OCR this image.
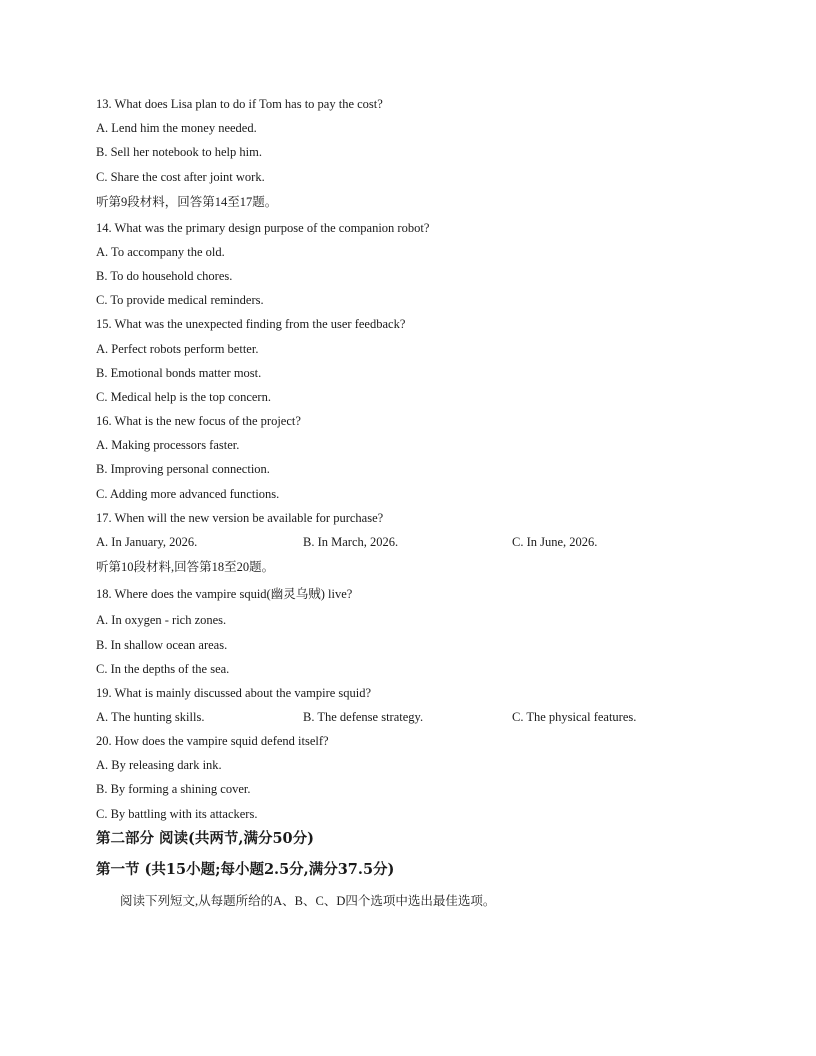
13. What does Lisa plan to do if Tom has to pay the cost?
A. Lend him the money needed.
B. Sell her notebook to help him.
C. Share the cost after joint work.
听第9段材料，回答第14至17题。
14. What was the primary design purpose of the companion robot?
A. To accompany the old.
B. To do household chores.
C. To provide medical reminders.
15. What was the unexpected finding from the user feedback?
A. Perfect robots perform better.
B. Emotional bonds matter most.
C. Medical help is the top concern.
16. What is the new focus of the project?
A. Making processors faster.
B. Improving personal connection.
C. Adding more advanced functions.
17. When will the new version be available for purchase?
A. In January, 2026.	B. In March, 2026.	C. In June, 2026.
听第10段材料,回答第18至20题。
18. Where does the vampire squid(幽灵乌贼) live?
A. In oxygen - rich zones.
B. In shallow ocean areas.
C. In the depths of the sea.
19. What is mainly discussed about the vampire squid?
A. The hunting skills.	B. The defense strategy.	C. The physical features.
20. How does the vampire squid defend itself?
A. By releasing dark ink.
B. By forming a shining cover.
C. By battling with its attackers.
第二部分 阅读(共两节,满分50分)
第一节 (共15小题;每小题2.5分,满分37.5分)
阅读下列短文,从每题所给的A、B、C、D四个选项中选出最佳选项。
